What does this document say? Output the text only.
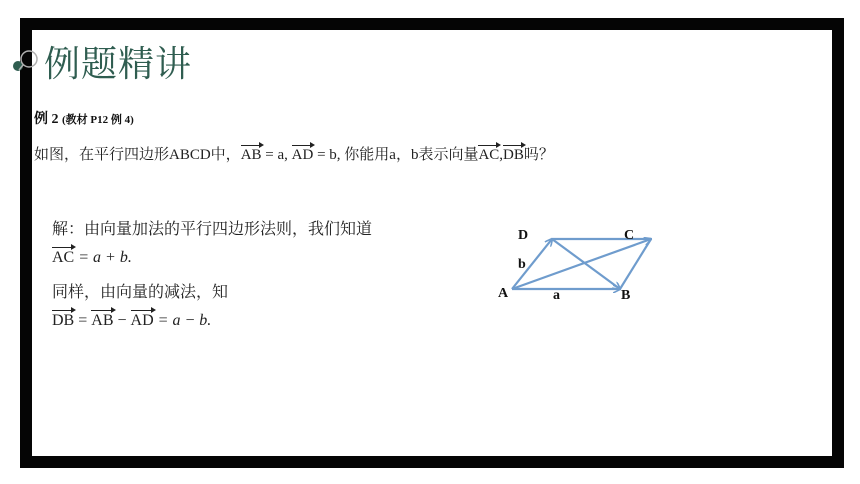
例题精讲
例 2 (教材 P12 例 4)
如图，在平行四边形ABCD中，AB = a, AD = b, 你能用a，b表示向量AC,DB吗？
解：由向量加法的平行四边形法则，我们知道
AC = a + b.
同样，由向量的减法，知
DB = AB − AD = a − b.
D	C
b
A	a	B
